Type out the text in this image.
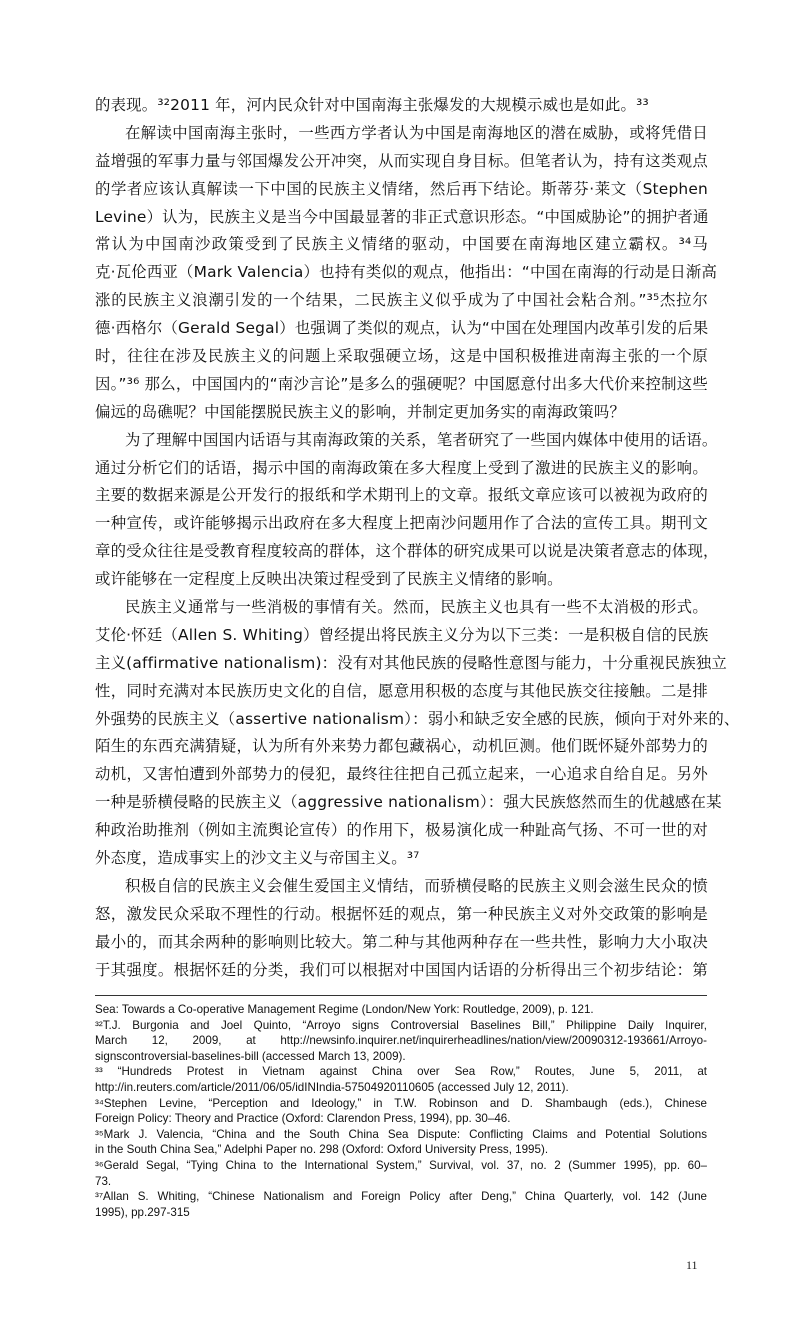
的表现。³²2011 年，河内民众针对中国南海主张爆发的大规模示威也是如此。³³
在解读中国南海主张时，一些西方学者认为中国是南海地区的潜在威胁，或将凭借日
益增强的军事力量与邻国爆发公开冲突，从而实现自身目标。但笔者认为，持有这类观点
的学者应该认真解读一下中国的民族主义情绪，然后再下结论。斯蒂芬·莱文（Stephen
Levine）认为，民族主义是当今中国最显著的非正式意识形态。“中国威胁论”的拥护者通
常认为中国南沙政策受到了民族主义情绪的驱动，中国要在南海地区建立霸权。³⁴马
克·瓦伦西亚（Mark Valencia）也持有类似的观点，他指出：“中国在南海的行动是日渐高
涨的民族主义浪潮引发的一个结果，二民族主义似乎成为了中国社会粘合剂。”³⁵杰拉尔
德·西格尔（Gerald Segal）也强调了类似的观点，认为“中国在处理国内改革引发的后果
时，往往在涉及民族主义的问题上采取强硬立场，这是中国积极推进南海主张的一个原
因。”³⁶ 那么，中国国内的“南沙言论”是多么的强硬呢？中国愿意付出多大代价来控制这些
偏远的岛礁呢？中国能摆脱民族主义的影响，并制定更加务实的南海政策吗？
为了理解中国国内话语与其南海政策的关系，笔者研究了一些国内媒体中使用的话语。
通过分析它们的话语，揭示中国的南海政策在多大程度上受到了激进的民族主义的影响。
主要的数据来源是公开发行的报纸和学术期刊上的文章。报纸文章应该可以被视为政府的
一种宣传，或许能够揭示出政府在多大程度上把南沙问题用作了合法的宣传工具。期刊文
章的受众往往是受教育程度较高的群体，这个群体的研究成果可以说是决策者意志的体现，
或许能够在一定程度上反映出决策过程受到了民族主义情绪的影响。
民族主义通常与一些消极的事情有关。然而，民族主义也具有一些不太消极的形式。
艾伦·怀廷（Allen S. Whiting）曾经提出将民族主义分为以下三类：一是积极自信的民族
主义(affirmative nationalism)：没有对其他民族的侵略性意图与能力，十分重视民族独立
性，同时充满对本民族历史文化的自信，愿意用积极的态度与其他民族交往接触。二是排
外强势的民族主义（assertive nationalism）：弱小和缺乏安全感的民族，倾向于对外来的、
陌生的东西充满猜疑，认为所有外来势力都包藏祸心，动机叵测。他们既怀疑外部势力的
动机，又害怕遭到外部势力的侵犯，最终往往把自己孤立起来，一心追求自给自足。另外
一种是骄横侵略的民族主义（aggressive nationalism）：强大民族悠然而生的优越感在某
种政治助推剂（例如主流舆论宣传）的作用下，极易演化成一种趾高气扬、不可一世的对
外态度，造成事实上的沙文主义与帝国主义。³⁷
积极自信的民族主义会催生爱国主义情结，而骄横侵略的民族主义则会滋生民众的愤
怒，激发民众采取不理性的行动。根据怀廷的观点，第一种民族主义对外交政策的影响是
最小的，而其余两种的影响则比较大。第二种与其他两种存在一些共性，影响力大小取决
于其强度。根据怀廷的分类，我们可以根据对中国国内话语的分析得出三个初步结论：第
Sea: Towards a Co-operative Management Regime (London/New York: Routledge, 2009), p. 121.
³²T.J. Burgonia and Joel Quinto, “Arroyo signs Controversial Baselines Bill,” Philippine Daily Inquirer,
March 12, 2009, at http://newsinfo.inquirer.net/inquirerheadlines/nation/view/20090312-193661/Arroyo-
signscontroversial-baselines-bill (accessed March 13, 2009).
³³ “Hundreds Protest in Vietnam against China over Sea Row,” Routes, June 5, 2011, at
http://in.reuters.com/article/2011/06/05/idINIndia-57504920110605 (accessed July 12, 2011).
³⁴Stephen Levine, “Perception and Ideology,” in T.W. Robinson and D. Shambaugh (eds.), Chinese
Foreign Policy: Theory and Practice (Oxford: Clarendon Press, 1994), pp. 30–46.
³⁵Mark J. Valencia, “China and the South China Sea Dispute: Conflicting Claims and Potential Solutions
in the South China Sea,” Adelphi Paper no. 298 (Oxford: Oxford University Press, 1995).
³⁶Gerald Segal, “Tying China to the International System,” Survival, vol. 37, no. 2 (Summer 1995), pp. 60–
73.
³⁷Allan S. Whiting, “Chinese Nationalism and Foreign Policy after Deng,” China Quarterly, vol. 142 (June
1995), pp.297-315
11
